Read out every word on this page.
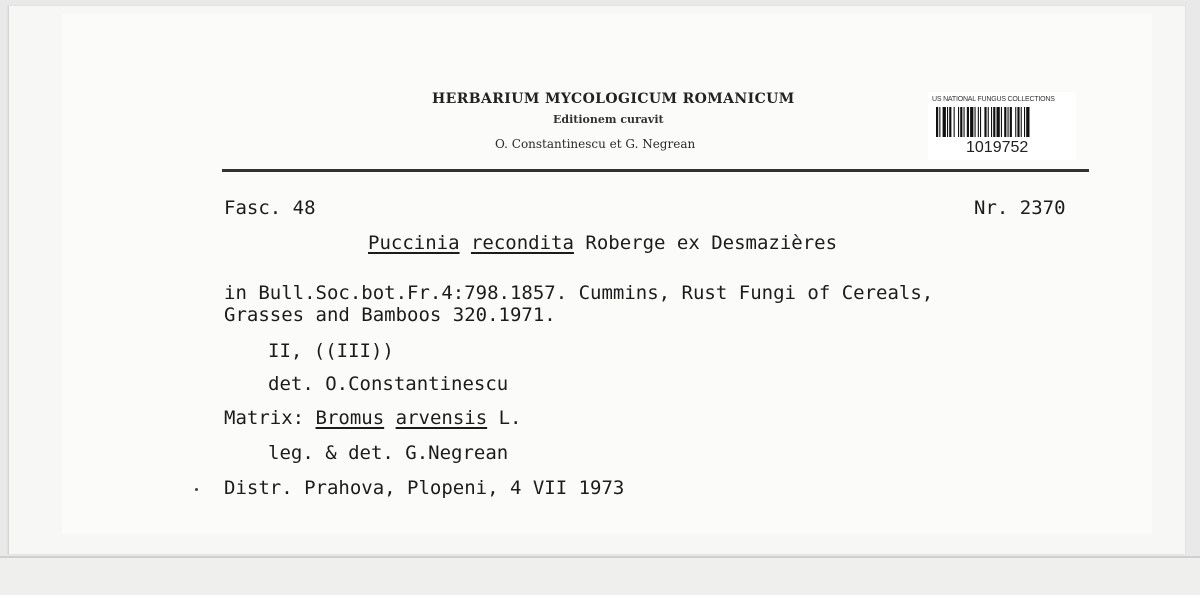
HERBARIUM MYCOLOGICUM ROMANICUM
Editionem curavit
O. Constantinescu et G. Negrean
US NATIONAL FUNGUS COLLECTIONS
1019752
Fasc. 48	Nr. 2370
Puccinia recondita Roberge ex Desmazières
in Bull.Soc.bot.Fr.4:798.1857. Cummins, Rust Fungi of Cereals,
Grasses and Bamboos 320.1971.
II, ((III))
det. O.Constantinescu
Matrix: Bromus arvensis L.
leg. & det. G.Negrean
Distr. Prahova, Plopeni, 4 VII 1973
